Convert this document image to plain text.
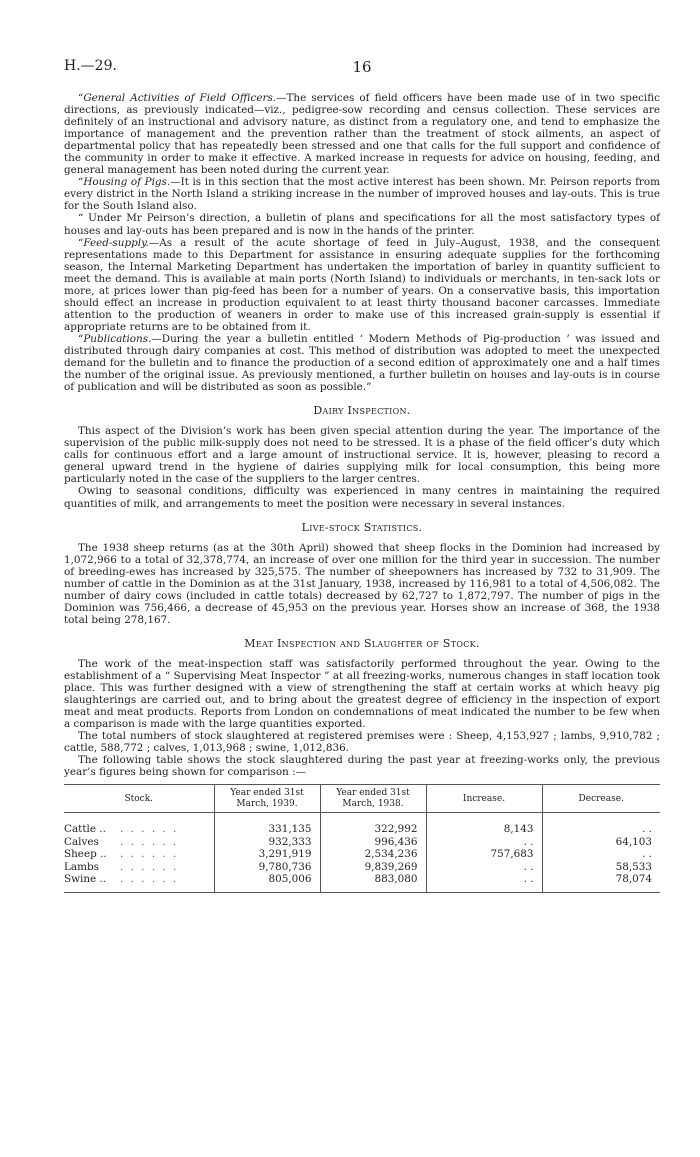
H.—29.	16

“General Activities of Field Officers.—The services of field officers have been made use of in two specific directions, as previously indicated—viz., pedigree-sow recording and census collection. These services are definitely of an instructional and advisory nature, as distinct from a regulatory one, and tend to emphasize the importance of management and the prevention rather than the treatment of stock ailments, an aspect of departmental policy that has repeatedly been stressed and one that calls for the full support and confidence of the community in order to make it effective. A marked increase in requests for advice on housing, feeding, and general management has been noted during the current year.

“Housing of Pigs.—It is in this section that the most active interest has been shown. Mr. Peirson reports from every district in the North Island a striking increase in the number of improved houses and lay-outs. This is true for the South Island also.

“ Under Mr Peirson’s direction, a bulletin of plans and specifications for all the most satisfactory types of houses and lay-outs has been prepared and is now in the hands of the printer.

“Feed-supply.—As a result of the acute shortage of feed in July–August, 1938, and the consequent representations made to this Department for assistance in ensuring adequate supplies for the forthcoming season, the Internal Marketing Department has undertaken the importation of barley in quantity sufficient to meet the demand. This is available at main ports (North Island) to individuals or merchants, in ten-sack lots or more, at prices lower than pig-feed has been for a number of years. On a conservative basis, this importation should effect an increase in production equivalent to at least thirty thousand baconer carcasses. Immediate attention to the production of weaners in order to make use of this increased grain-supply is essential if appropriate returns are to be obtained from it.

“Publications.—During the year a bulletin entitled ‘ Modern Methods of Pig-production ’ was issued and distributed through dairy companies at cost. This method of distribution was adopted to meet the unexpected demand for the bulletin and to finance the production of a second edition of approximately one and a half times the number of the original issue. As previously mentioned, a further bulletin on houses and lay-outs is in course of publication and will be distributed as soon as possible.”

Dairy Inspection.

This aspect of the Division’s work has been given special attention during the year. The importance of the supervision of the public milk-supply does not need to be stressed. It is a phase of the field officer’s duty which calls for continuous effort and a large amount of instructional service. It is, however, pleasing to record a general upward trend in the hygiene of dairies supplying milk for local consumption, this being more particularly noted in the case of the suppliers to the larger centres.

Owing to seasonal conditions, difficulty was experienced in many centres in maintaining the required quantities of milk, and arrangements to meet the position were necessary in several instances.

Live-stock Statistics.

The 1938 sheep returns (as at the 30th April) showed that sheep flocks in the Dominion had increased by 1,072,966 to a total of 32,378,774, an increase of over one million for the third year in succession. The number of breeding-ewes has increased by 325,575. The number of sheepowners has increased by 732 to 31,909. The number of cattle in the Dominion as at the 31st January, 1938, increased by 116,981 to a total of 4,506,082. The number of dairy cows (included in cattle totals) decreased by 62,727 to 1,872,797. The number of pigs in the Dominion was 756,466, a decrease of 45,953 on the previous year. Horses show an increase of 368, the 1938 total being 278,167.

Meat Inspection and Slaughter of Stock.

The work of the meat-inspection staff was satisfactorily performed throughout the year. Owing to the establishment of a “ Supervising Meat Inspector ” at all freezing-works, numerous changes in staff location took place. This was further designed with a view of strengthening the staff at certain works at which heavy pig slaughterings are carried out, and to bring about the greatest degree of efficiency in the inspection of export meat and meat products. Reports from London on condemnations of meat indicated the number to be few when a comparison is made with the large quantities exported.

The total numbers of stock slaughtered at registered premises were : Sheep, 4,153,927 ; lambs, 9,910,782 ; cattle, 588,772 ; calves, 1,013,968 ; swine, 1,012,836.

The following table shows the stock slaughtered during the past year at freezing-works only, the previous year’s figures being shown for comparison :—

Stock.	Year ended 31st March, 1939.	Year ended 31st March, 1938.	Increase.	Decrease.
Cattle .. . . . . . .	331,135	322,992	8,143	. .
Calves . . . . . .	932,333	996,436	. .	64,103
Sheep .. . . . . . .	3,291,919	2,534,236	757,683	. .
Lambs . . . . . .	9,780,736	9,839,269	. .	58,533
Swine .. . . . . . .	805,006	883,080	. .	78,074
